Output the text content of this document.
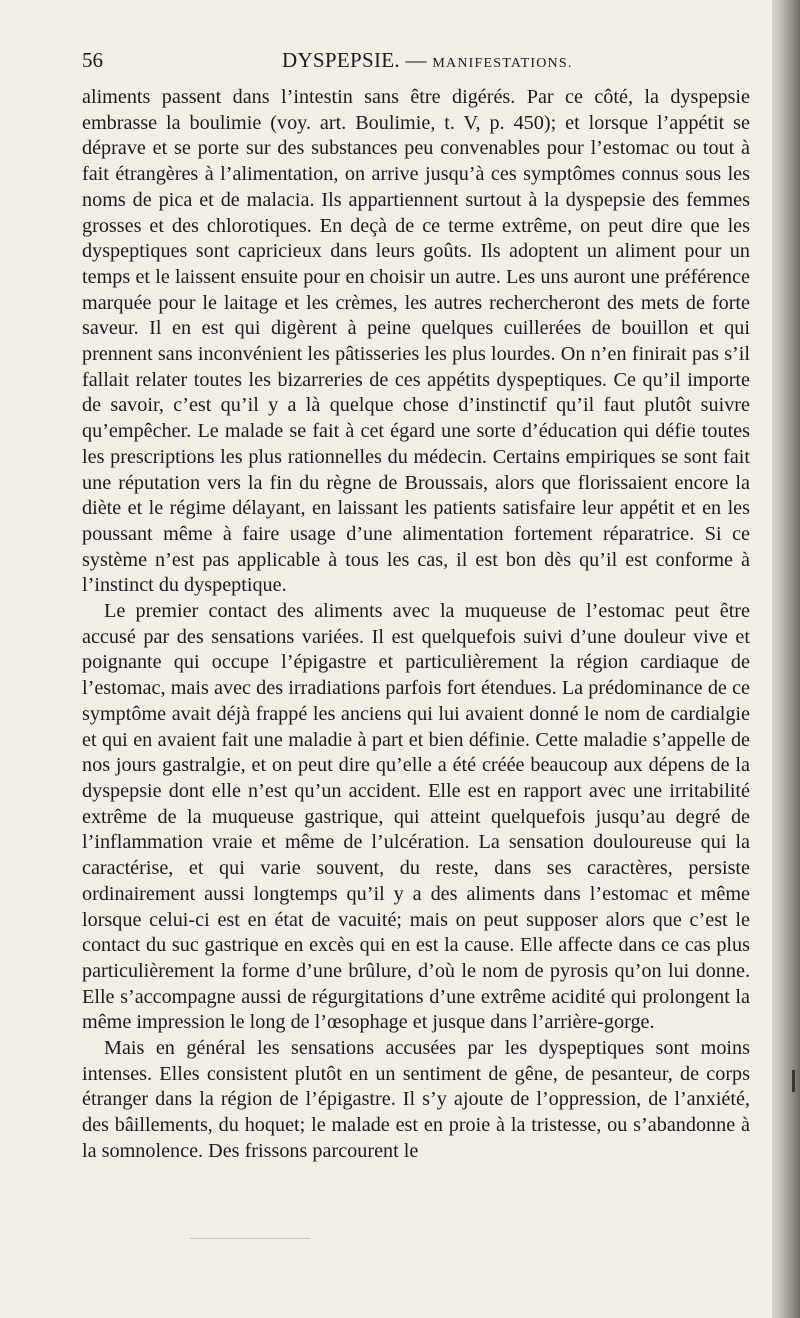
56	DYSPEPSIE. — MANIFESTATIONS.

aliments passent dans l’intestin sans être digérés. Par ce côté, la dyspepsie embrasse la boulimie (voy. art. Boulimie, t. V, p. 450); et lorsque l’appétit se déprave et se porte sur des substances peu convenables pour l’estomac ou tout à fait étrangères à l’alimentation, on arrive jusqu’à ces symptômes connus sous les noms de pica et de malacia. Ils appartiennent surtout à la dyspepsie des femmes grosses et des chlorotiques. En deçà de ce terme extrême, on peut dire que les dyspeptiques sont capricieux dans leurs goûts. Ils adoptent un aliment pour un temps et le laissent ensuite pour en choisir un autre. Les uns auront une préférence marquée pour le laitage et les crèmes, les autres rechercheront des mets de forte saveur. Il en est qui digèrent à peine quelques cuillerées de bouillon et qui prennent sans inconvénient les pâtisseries les plus lourdes. On n’en finirait pas s’il fallait relater toutes les bizarreries de ces appétits dyspeptiques. Ce qu’il importe de savoir, c’est qu’il y a là quelque chose d’instinctif qu’il faut plutôt suivre qu’empêcher. Le malade se fait à cet égard une sorte d’éducation qui défie toutes les prescriptions les plus rationnelles du médecin. Certains empiriques se sont fait une réputation vers la fin du règne de Broussais, alors que florissaient encore la diète et le régime délayant, en laissant les patients satisfaire leur appétit et en les poussant même à faire usage d’une alimentation fortement réparatrice. Si ce système n’est pas applicable à tous les cas, il est bon dès qu’il est conforme à l’instinct du dyspeptique.

Le premier contact des aliments avec la muqueuse de l’estomac peut être accusé par des sensations variées. Il est quelquefois suivi d’une douleur vive et poignante qui occupe l’épigastre et particulièrement la région cardiaque de l’estomac, mais avec des irradiations parfois fort étendues. La prédominance de ce symptôme avait déjà frappé les anciens qui lui avaient donné le nom de cardialgie et qui en avaient fait une maladie à part et bien définie. Cette maladie s’appelle de nos jours gastralgie, et on peut dire qu’elle a été créée beaucoup aux dépens de la dyspepsie dont elle n’est qu’un accident. Elle est en rapport avec une irritabilité extrême de la muqueuse gastrique, qui atteint quelquefois jusqu’au degré de l’inflammation vraie et même de l’ulcération. La sensation douloureuse qui la caractérise, et qui varie souvent, du reste, dans ses caractères, persiste ordinairement aussi longtemps qu’il y a des aliments dans l’estomac et même lorsque celui-ci est en état de vacuité; mais on peut supposer alors que c’est le contact du suc gastrique en excès qui en est la cause. Elle affecte dans ce cas plus particulièrement la forme d’une brûlure, d’où le nom de pyrosis qu’on lui donne. Elle s’accompagne aussi de régurgitations d’une extrême acidité qui prolongent la même impression le long de l’œsophage et jusque dans l’arrière-gorge.

Mais en général les sensations accusées par les dyspeptiques sont moins intenses. Elles consistent plutôt en un sentiment de gêne, de pesanteur, de corps étranger dans la région de l’épigastre. Il s’y ajoute de l’oppression, de l’anxiété, des bâillements, du hoquet; le malade est en proie à la tristesse, ou s’abandonne à la somnolence. Des frissons parcourent le
